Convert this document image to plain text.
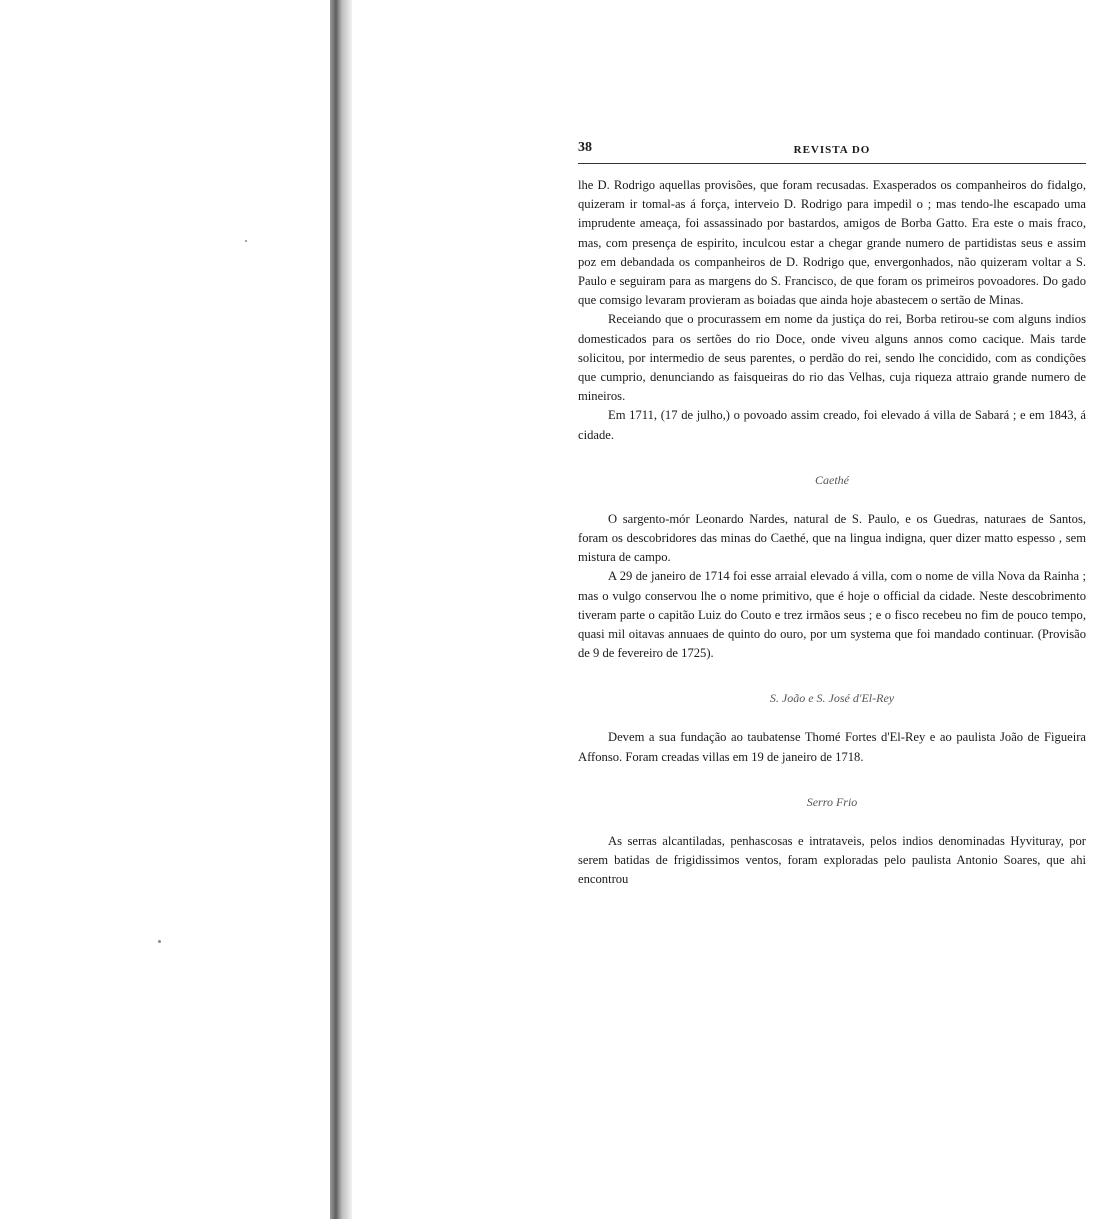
38	REVISTA DO

lhe D. Rodrigo aquellas provisões, que foram recusadas. Exasperados os companheiros do fidalgo, quizeram ir tomal-as á força, interveio D. Rodrigo para impedil o ; mas tendo-lhe escapado uma imprudente ameaça, foi assassinado por bastardos, amigos de Borba Gatto. Era este o mais fraco, mas, com presença de espirito, inculcou estar a chegar grande numero de partidistas seus e assim poz em debandada os companheiros de D. Rodrigo que, envergonhados, não quizeram voltar a S. Paulo e seguiram para as margens do S. Francisco, de que foram os primeiros povoadores. Do gado que comsigo levaram provieram as boiadas que ainda hoje abastecem o sertão de Minas.

Receiando que o procurassem em nome da justiça do rei, Borba retirou-se com alguns indios domesticados para os sertões do rio Doce, onde viveu alguns annos como cacique. Mais tarde solicitou, por intermedio de seus parentes, o perdão do rei, sendo lhe concidido, com as condições que cumprio, denunciando as faisqueiras do rio das Velhas, cuja riqueza attraio grande numero de mineiros.

Em 1711, (17 de julho,) o povoado assim creado, foi elevado á villa de Sabará ; e em 1843, á cidade.

Caethé

O sargento-mór Leonardo Nardes, natural de S. Paulo, e os Guedras, naturaes de Santos, foram os descobridores das minas do Caethé, que na lingua indigna, quer dizer matto espesso , sem mistura de campo.

A 29 de janeiro de 1714 foi esse arraial elevado á villa, com o nome de villa Nova da Rainha ; mas o vulgo conservou lhe o nome primitivo, que é hoje o official da cidade. Neste descobrimento tiveram parte o capitão Luiz do Couto e trez irmãos seus ; e o fisco recebeu no fim de pouco tempo, quasi mil oitavas annuaes de quinto do ouro, por um systema que foi mandado continuar. (Provisão de 9 de fevereiro de 1725).

S. João e S. José d'El-Rey

Devem a sua fundação ao taubatense Thomé Fortes d'El-Rey e ao paulista João de Figueira Affonso. Foram creadas villas em 19 de janeiro de 1718.

Serro Frio

As serras alcantiladas, penhascosas e intrataveis, pelos indios denominadas Hyvituray, por serem batidas de frigidissimos ventos, foram exploradas pelo paulista Antonio Soares, que ahi encontrou
